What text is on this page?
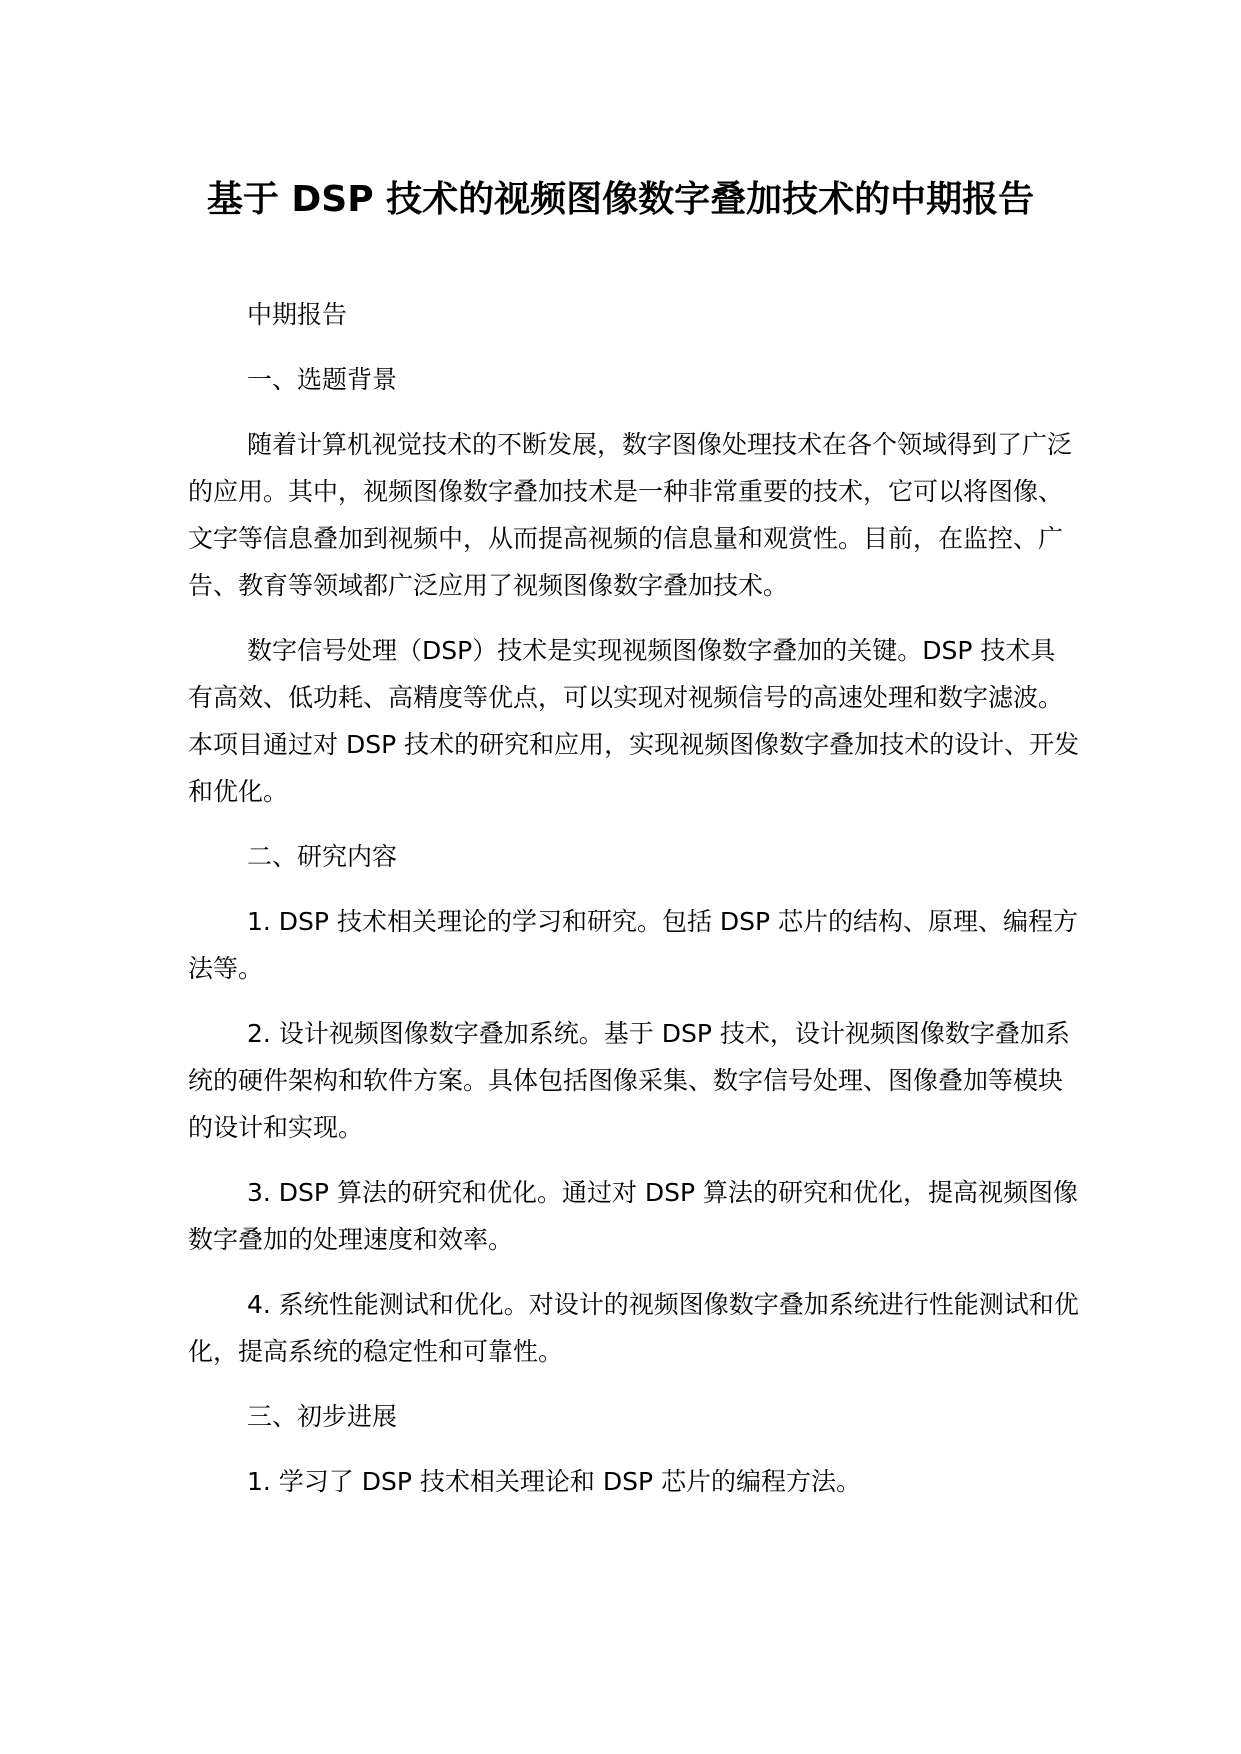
基于 DSP 技术的视频图像数字叠加技术的中期报告

中期报告

一、选题背景

随着计算机视觉技术的不断发展，数字图像处理技术在各个领域得到了广泛的应用。其中，视频图像数字叠加技术是一种非常重要的技术，它可以将图像、文字等信息叠加到视频中，从而提高视频的信息量和观赏性。目前，在监控、广告、教育等领域都广泛应用了视频图像数字叠加技术。

数字信号处理（DSP）技术是实现视频图像数字叠加的关键。DSP 技术具有高效、低功耗、高精度等优点，可以实现对视频信号的高速处理和数字滤波。本项目通过对 DSP 技术的研究和应用，实现视频图像数字叠加技术的设计、开发和优化。

二、研究内容

1. DSP 技术相关理论的学习和研究。包括 DSP 芯片的结构、原理、编程方法等。

2. 设计视频图像数字叠加系统。基于 DSP 技术，设计视频图像数字叠加系统的硬件架构和软件方案。具体包括图像采集、数字信号处理、图像叠加等模块的设计和实现。

3. DSP 算法的研究和优化。通过对 DSP 算法的研究和优化，提高视频图像数字叠加的处理速度和效率。

4. 系统性能测试和优化。对设计的视频图像数字叠加系统进行性能测试和优化，提高系统的稳定性和可靠性。

三、初步进展

1. 学习了 DSP 技术相关理论和 DSP 芯片的编程方法。
